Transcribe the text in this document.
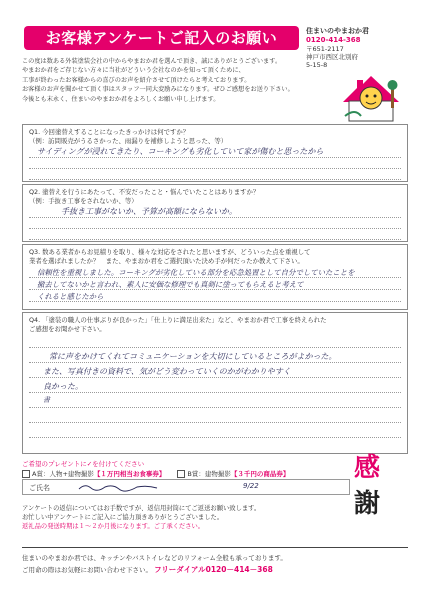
お客様アンケートご記入のお願い	住まいのやまおか君
0120-414-368
〒651-2117
神戸市西区北別府
5-15-8

この度は数ある外装塗装会社の中からやまおか君を選んで頂き、誠にありがとうございます。

やまおか君をご存じない方々に当社がどういう会社なのかを知って頂くために、

工事が終わったお客様からの喜びのお声を紹介させて頂けたらと考えております。

お客様のお声を聞かせて頂く事はスタッフ一同大変励みになります。ぜひご感想をお送り下さい。

今後とも末永く、住まいのやまおか君をよろしくお願い申し上げます。

Q1. 今回塗替えすることになったきっかけは何ですか？
（例：訪問販売がうるさかった、雨漏りを補修しようと思った、等）
サイディングが浸れてきたり、コーキングも劣化していて家が傷むと思ったから
Q2. 塗替えを行うにあたって、不安だったこと・悩んでいたことはありますか？
（例：手抜き工事をされないか、等）
手抜き工事がないか、予算が高額にならないか。
Q3. 数ある業者からお見積りを取り、様々な対応をされたと思いますが、どういった点を重視して
業者を選ばれましたか？　また、やまおか君をご選択頂いた決め手が何だったか教えて下さい。
信頼性を重視しました。コーキングが劣化している部分を応急処置として自分でしていたことを
撤去してないかと言われ、素人に安価な修理でも真剣に塗ってもらえると考えて
くれると感じたから
Q4. 「塗装の職人の仕事ぶりが良かった」「仕上りに満足出来た」など、やまおか君で工事を終えられた
ご感想をお聞かせ下さい。
常に声をかけてくれてコミュニケーションを大切にしているところがよかった。
また、写真付きの資料で、気がどう変わっていくのかがわかりやすく
良かった。
書
ご希望のプレゼントに✓を付けてください
A賞：人物+建物撮影【１万円相当お食事券】	B賞：建物撮影【３千円の商品券】
ご氏名	9/22
感
謝
アンケートの返信についてはお手数ですが、返信用封筒にてご返送お願い致します。
お忙しい中アンケートにご記入にご協力頂きありがとうございました。
返礼品の発送時期は１～２か月後になります。ご了承ください。
住まいのやまおか君では、キッチンやバストイレなどのリフォーム全般も承っております。
ご用命の際はお気軽にお問い合わせ下さい。 フリーダイアル0120－414－368
